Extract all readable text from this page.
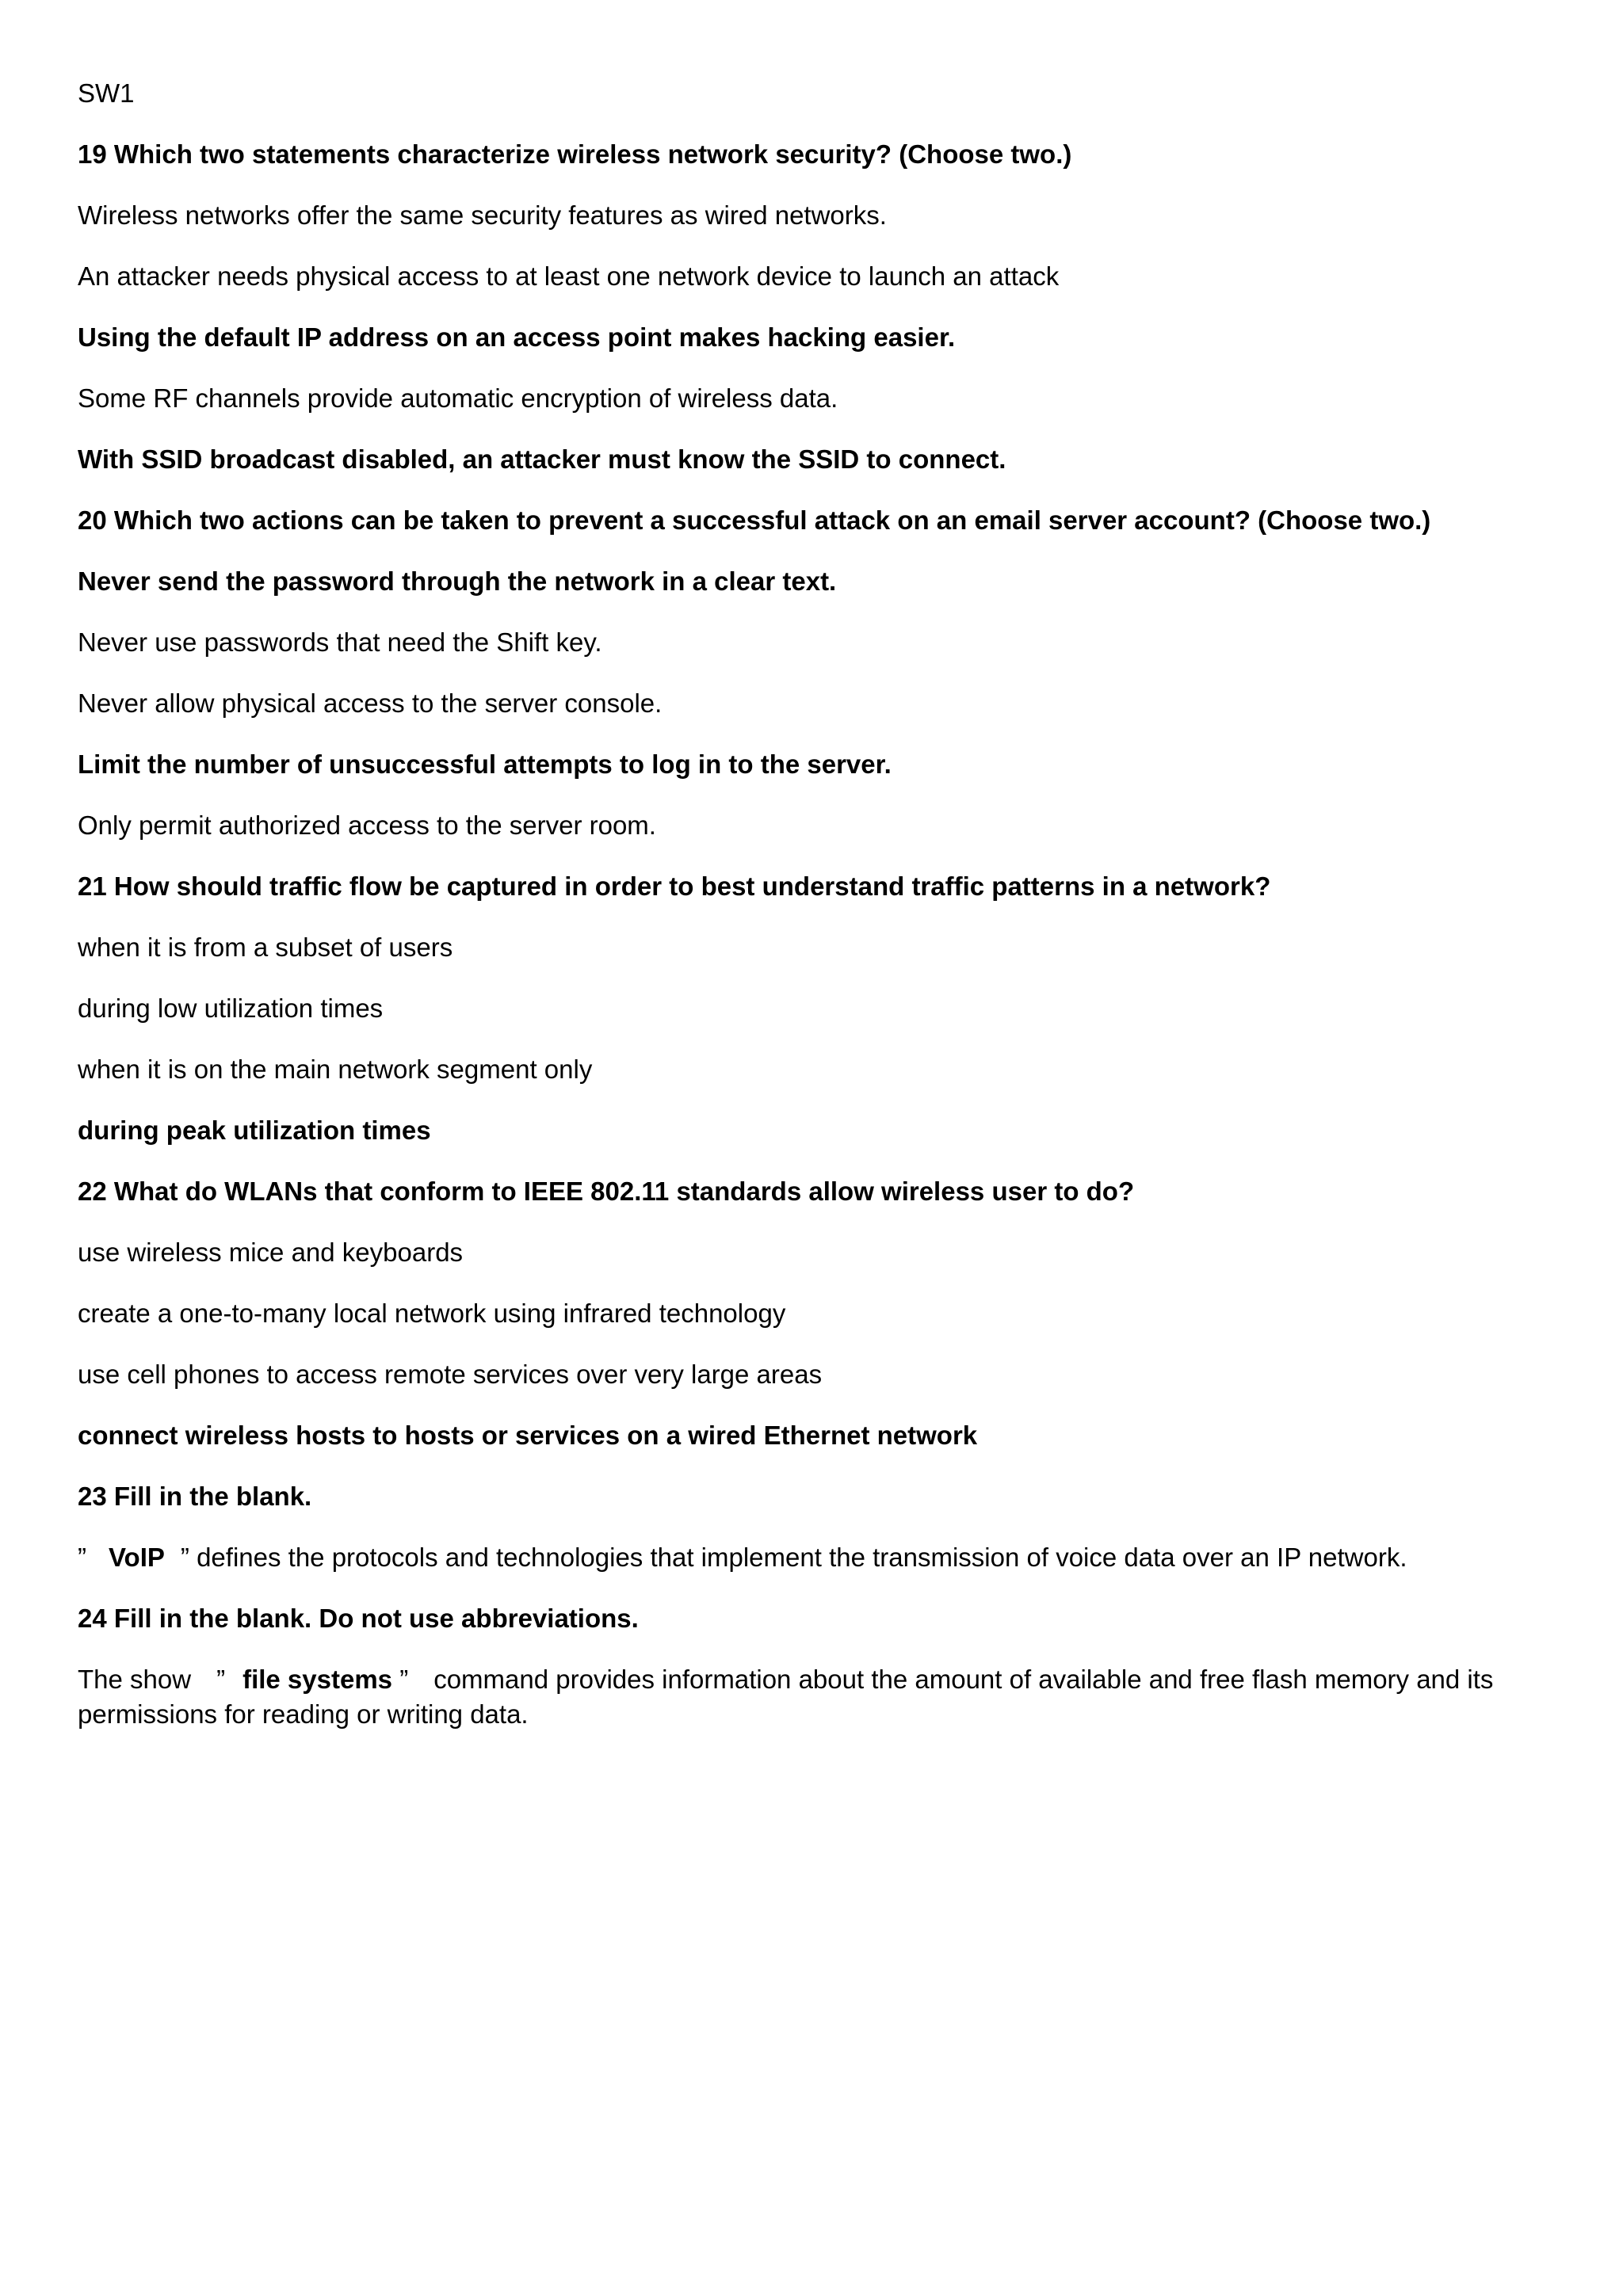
SW1
19 Which two statements characterize wireless network security? (Choose two.)
Wireless networks offer the same security features as wired networks.
An attacker needs physical access to at least one network device to launch an attack
Using the default IP address on an access point makes hacking easier.
Some RF channels provide automatic encryption of wireless data.
With SSID broadcast disabled, an attacker must know the SSID to connect.
20 Which two actions can be taken to prevent a successful attack on an email server account? (Choose two.)
Never send the password through the network in a clear text.
Never use passwords that need the Shift key.
Never allow physical access to the server console.
Limit the number of unsuccessful attempts to log in to the server.
Only permit authorized access to the server room.
21 How should traffic flow be captured in order to best understand traffic patterns in a network?
when it is from a subset of users
during low utilization times
when it is on the main network segment only
during peak utilization times
22 What do WLANs that conform to IEEE 802.11 standards allow wireless user to do?
use wireless mice and keyboards
create a one-to-many local network using infrared technology
use cell phones to access remote services over very large areas
connect wireless hosts to hosts or services on a wired Ethernet network
23 Fill in the blank.
” VoIP ” defines the protocols and technologies that implement the transmission of voice data over an IP network.
24 Fill in the blank. Do not use abbreviations.

The show ” file systems ” command provides information about the amount of available and free flash memory and its permissions for reading or writing data.
